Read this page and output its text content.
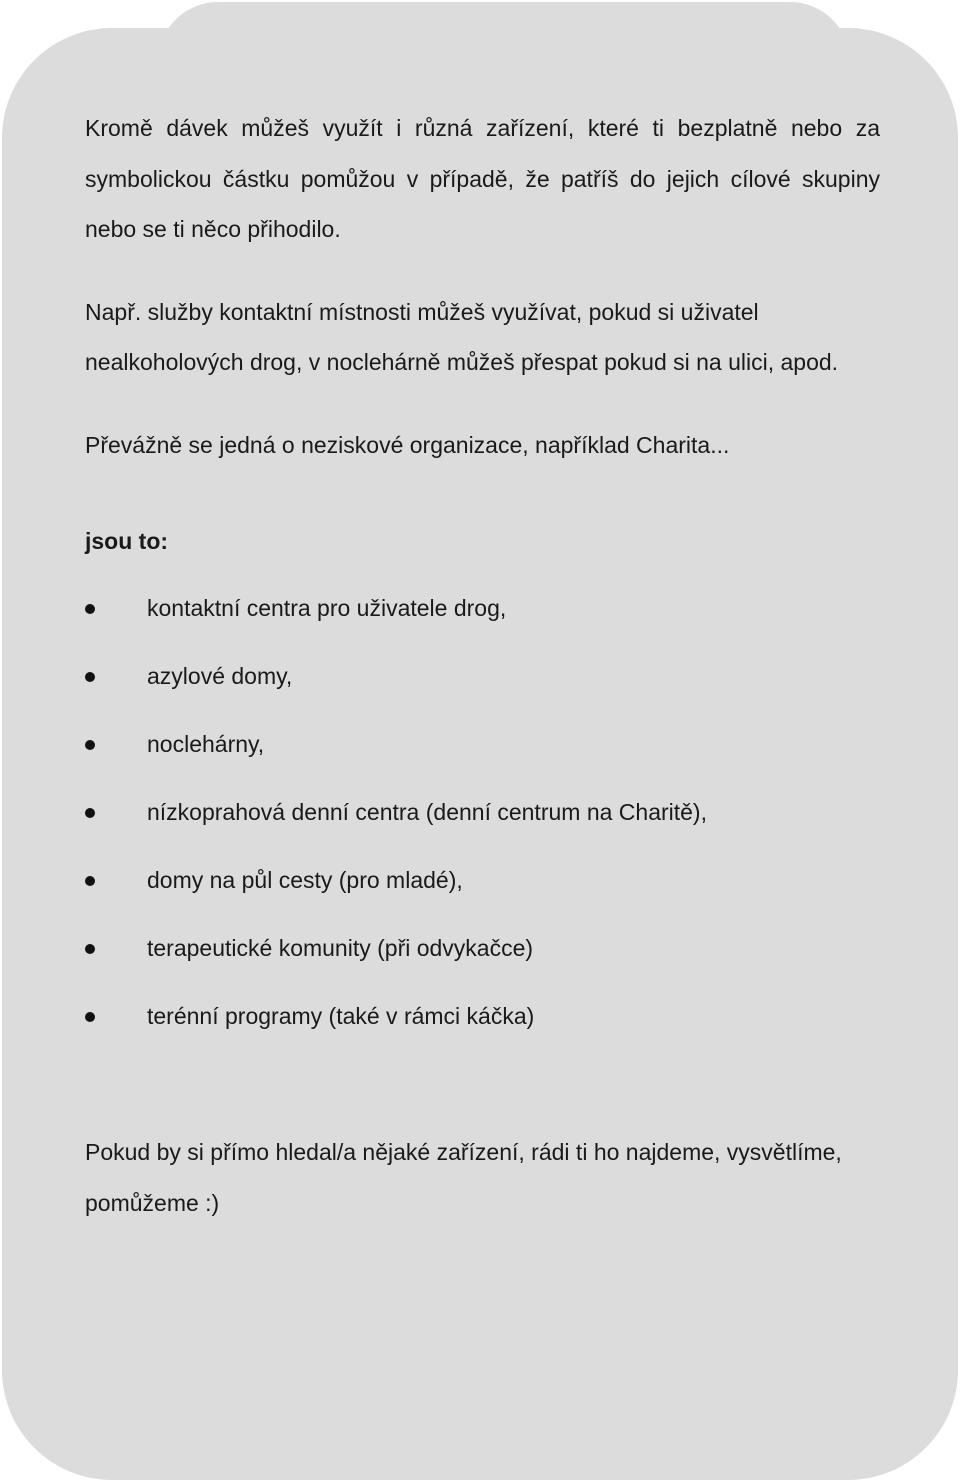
Kromě dávek můžeš využít i různá zařízení, které ti bezplatně nebo za symbolickou částku pomůžou v případě, že patříš do jejich cílové skupiny nebo se ti něco přihodilo.

Např. služby kontaktní místnosti můžeš využívat, pokud si uživatel nealkoholových drog, v noclehárně můžeš přespat pokud si na ulici, apod.

Převážně se jedná o neziskové organizace, například Charita...

jsou to:
kontaktní centra pro uživatele drog,
azylové domy,
noclehárny,
nízkoprahová denní centra (denní centrum na Charitě),
domy na půl cesty (pro mladé),
terapeutické komunity (při odvykačce)
terénní programy (také v rámci káčka)

Pokud by si přímo hledal/a nějaké zařízení, rádi ti ho najdeme, vysvětlíme, pomůžeme :)
